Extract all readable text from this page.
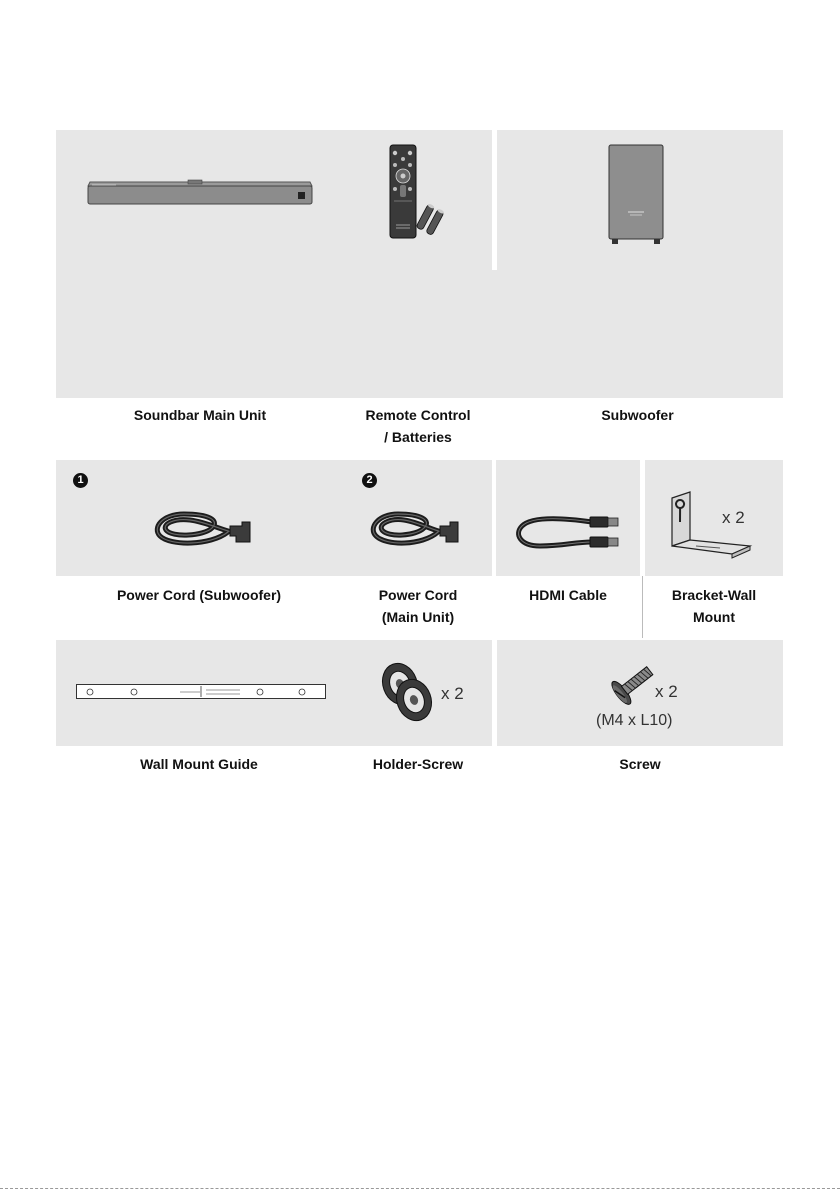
Soundbar Main Unit	Remote Control
/ Batteries
Subwoofer
1	2
x 2
Power Cord (Subwoofer)	Power Cord
(Main Unit)
HDMI Cable	Bracket-Wall
Mount
x 2	x 2
(M4 x L10)
Wall Mount Guide	Holder-Screw	Screw
